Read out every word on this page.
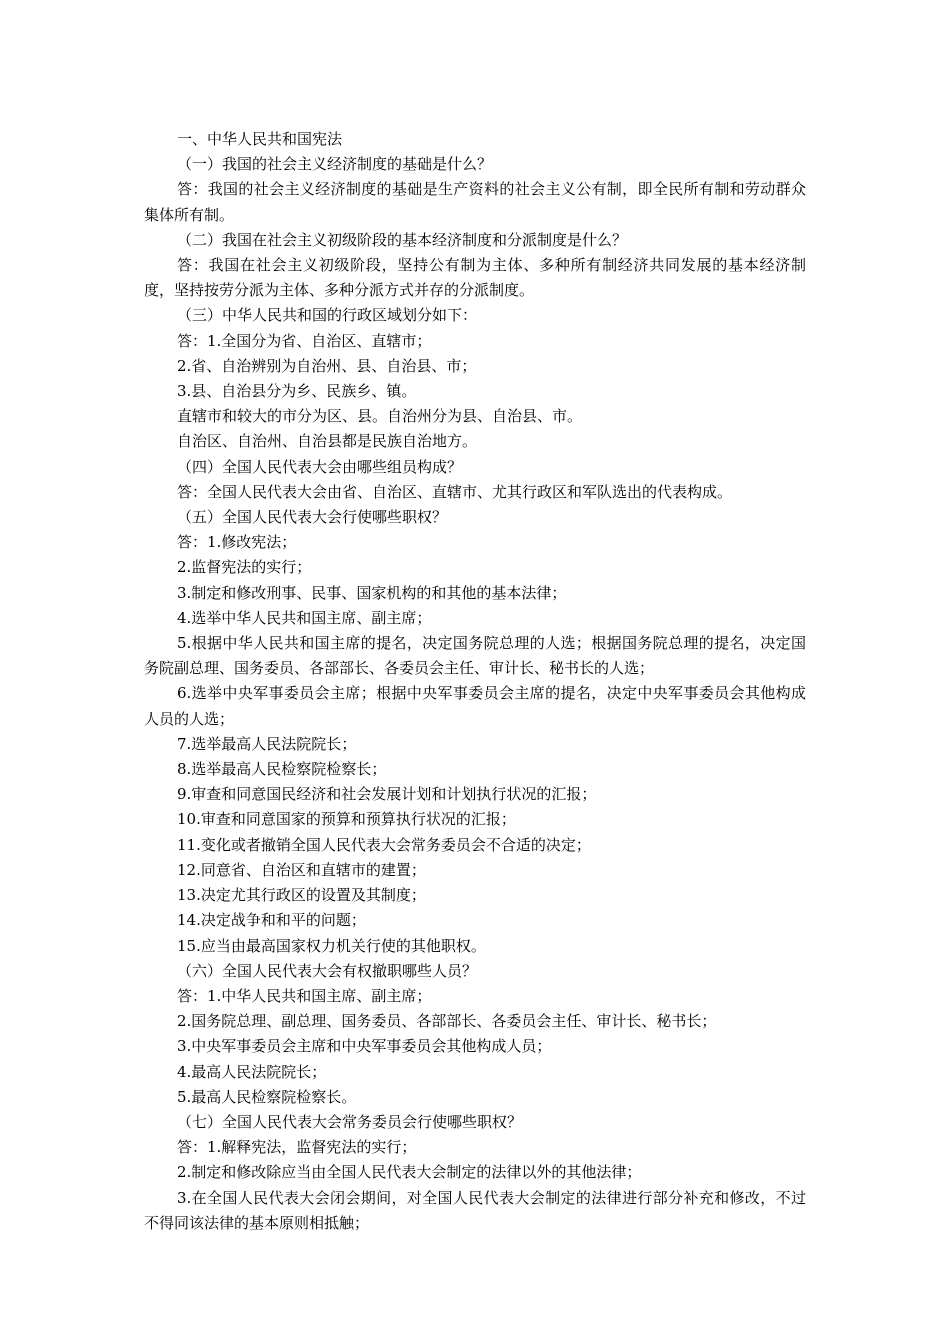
一、中华人民共和国宪法

（一）我国的社会主义经济制度的基础是什么？

答：我国的社会主义经济制度的基础是生产资料的社会主义公有制，即全民所有制和劳动群众集体所有制。

（二）我国在社会主义初级阶段的基本经济制度和分派制度是什么？

答：我国在社会主义初级阶段，坚持公有制为主体、多种所有制经济共同发展的基本经济制度，坚持按劳分派为主体、多种分派方式并存的分派制度。

（三）中华人民共和国的行政区域划分如下：

答：1.全国分为省、自治区、直辖市；

2.省、自治辨别为自治州、县、自治县、市；

3.县、自治县分为乡、民族乡、镇。

直辖市和较大的市分为区、县。自治州分为县、自治县、市。

自治区、自治州、自治县都是民族自治地方。

（四）全国人民代表大会由哪些组员构成？

答：全国人民代表大会由省、自治区、直辖市、尤其行政区和军队选出的代表构成。

（五）全国人民代表大会行使哪些职权？

答：1.修改宪法；

2.监督宪法的实行；

3.制定和修改刑事、民事、国家机构的和其他的基本法律；

4.选举中华人民共和国主席、副主席；

5.根据中华人民共和国主席的提名，决定国务院总理的人选；根据国务院总理的提名，决定国务院副总理、国务委员、各部部长、各委员会主任、审计长、秘书长的人选；

6.选举中央军事委员会主席；根据中央军事委员会主席的提名，决定中央军事委员会其他构成人员的人选；

7.选举最高人民法院院长；

8.选举最高人民检察院检察长；

9.审查和同意国民经济和社会发展计划和计划执行状况的汇报；

10.审查和同意国家的预算和预算执行状况的汇报；

11.变化或者撤销全国人民代表大会常务委员会不合适的决定；

12.同意省、自治区和直辖市的建置；

13.决定尤其行政区的设置及其制度；

14.决定战争和和平的问题；

15.应当由最高国家权力机关行使的其他职权。

（六）全国人民代表大会有权撤职哪些人员？

答：1.中华人民共和国主席、副主席；

2.国务院总理、副总理、国务委员、各部部长、各委员会主任、审计长、秘书长；

3.中央军事委员会主席和中央军事委员会其他构成人员；

4.最高人民法院院长；

5.最高人民检察院检察长。

（七）全国人民代表大会常务委员会行使哪些职权？

答：1.解释宪法，监督宪法的实行；

2.制定和修改除应当由全国人民代表大会制定的法律以外的其他法律；

3.在全国人民代表大会闭会期间，对全国人民代表大会制定的法律进行部分补充和修改，不过不得同该法律的基本原则相抵触；
